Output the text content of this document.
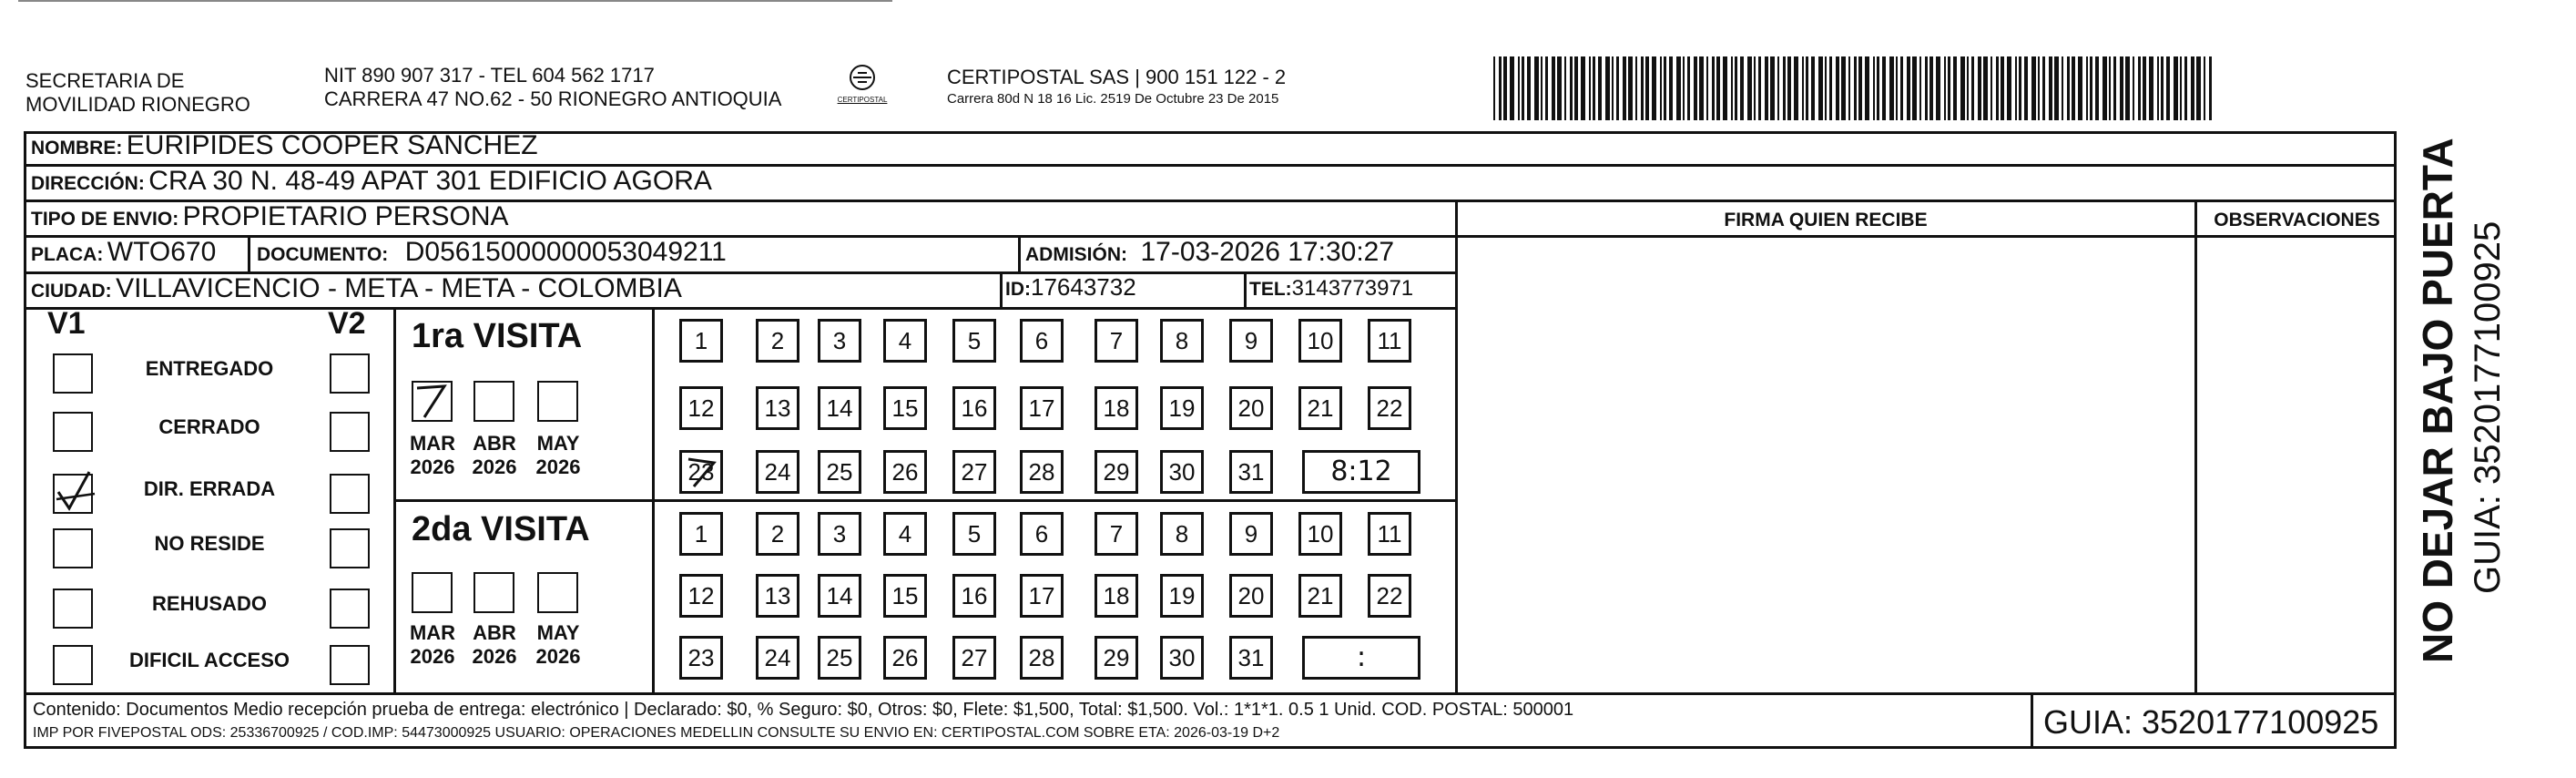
SECRETARIA DE
MOVILIDAD RIONEGRO
NIT 890 907 317 - TEL 604 562 1717
CARRERA 47 NO.62 - 50 RIONEGRO ANTIOQUIA	CERTIPOSTAL
CERTIPOSTAL SAS | 900 151 122 - 2
Carrera 80d N 18 16 Lic. 2519 De Octubre 23 De 2015
NOMBRE: EURIPIDES COOPER SANCHEZ
DIRECCIÓN: CRA 30 N. 48-49 APAT 301 EDIFICIO AGORA
TIPO DE ENVIO: PROPIETARIO PERSONA	FIRMA QUIEN RECIBE	OBSERVACIONES
PLACA: WTO670 DOCUMENTO: D05615000000053049211	ADMISIÓN: 17-03-2026 17:30:27
CIUDAD: VILLAVICENCIO - META - META - COLOMBIA	ID:17643732	TEL:3143773971
V1	V2
ENTREGADO
CERRADO
DIR. ERRADA
NO RESIDE
REHUSADO
DIFICIL ACCESO
1ra VISITA
2da VISITA
MAR
2026
ABR
2026
MAY
2026
MAR
2026
ABR
2026
MAY
2026
1	2	3	4	5	6	7	8	9	10	11
12	13	14	15	16	17	18	19	20	21	22
23	24	25	26	27	28	29	30	31	8:12
1	2	3	4	5	6	7	8	9	10	11
12	13	14	15	16	17	18	19	20	21	22
23	24	25	26	27	28	29	30	31	:
Contenido: Documentos Medio recepción prueba de entrega: electrónico | Declarado: $0, % Seguro: $0, Otros: $0, Flete: $1,500, Total: $1,500. Vol.: 1*1*1. 0.5 1 Unid. COD. POSTAL: 500001
IMP POR FIVEPOSTAL ODS: 25336700925 / COD.IMP: 54473000925 USUARIO: OPERACIONES MEDELLIN CONSULTE SU ENVIO EN: CERTIPOSTAL.COM SOBRE ETA: 2026-03-19 D+2	GUIA: 3520177100925
NO DEJAR BAJO PUERTA GUIA: 3520177100925
